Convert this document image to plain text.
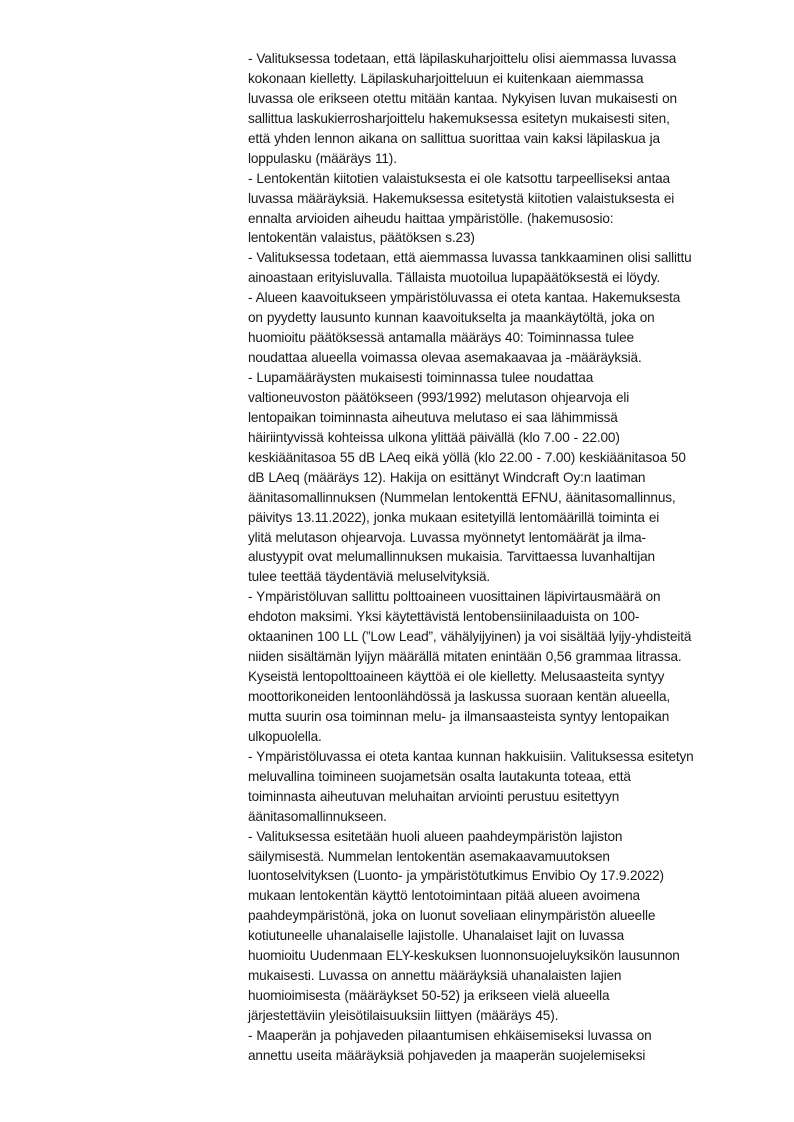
- Valituksessa todetaan, että läpilaskuharjoittelu olisi aiemmassa luvassa
kokonaan kielletty. Läpilaskuharjoitteluun ei kuitenkaan aiemmassa
luvassa ole erikseen otettu mitään kantaa. Nykyisen luvan mukaisesti on
sallittua laskukierrosharjoittelu hakemuksessa esitetyn mukaisesti siten,
että yhden lennon aikana on sallittua suorittaa vain kaksi läpilaskua ja
loppulasku (määräys 11).
- Lentokentän kiitotien valaistuksesta ei ole katsottu tarpeelliseksi antaa
luvassa määräyksiä. Hakemuksessa esitetystä kiitotien valaistuksesta ei
ennalta arvioiden aiheudu haittaa ympäristölle. (hakemusosio:
lentokentän valaistus, päätöksen s.23)
- Valituksessa todetaan, että aiemmassa luvassa tankkaaminen olisi sallittu
ainoastaan erityisluvalla. Tällaista muotoilua lupapäätöksestä ei löydy.
- Alueen kaavoitukseen ympäristöluvassa ei oteta kantaa. Hakemuksesta
on pyydetty lausunto kunnan kaavoitukselta ja maankäytöltä, joka on
huomioitu päätöksessä antamalla määräys 40: Toiminnassa tulee
noudattaa alueella voimassa olevaa asemakaavaa ja -määräyksiä.
- Lupamääräysten mukaisesti toiminnassa tulee noudattaa
valtioneuvoston päätökseen (993/1992) melutason ohjearvoja eli
lentopaikan toiminnasta aiheutuva melutaso ei saa lähimmissä
häiriintyvissä kohteissa ulkona ylittää päivällä (klo 7.00 - 22.00)
keskiäänitasoa 55 dB LAeq eikä yöllä (klo 22.00 - 7.00) keskiäänitasoa 50
dB LAeq (määräys 12). Hakija on esittänyt Windcraft Oy:n laatiman
äänitasomallinnuksen (Nummelan lentokenttä EFNU, äänitasomallinnus,
päivitys 13.11.2022), jonka mukaan esitetyillä lentomäärillä toiminta ei
ylitä melutason ohjearvoja. Luvassa myönnetyt lentomäärät ja ilma-
alustyypit ovat melumallinnuksen mukaisia. Tarvittaessa luvanhaltijan
tulee teettää täydentäviä meluselvityksiä.
- Ympäristöluvan sallittu polttoaineen vuosittainen läpivirtausmäärä on
ehdoton maksimi. Yksi käytettävistä lentobensiinilaaduista on 100-
oktaaninen 100 LL (”Low Lead”, vähälyijyinen) ja voi sisältää lyijy-yhdisteitä
niiden sisältämän lyijyn määrällä mitaten enintään 0,56 grammaa litrassa.
Kyseistä lentopolttoaineen käyttöä ei ole kielletty. Melusaasteita syntyy
moottorikoneiden lentoonlähdössä ja laskussa suoraan kentän alueella,
mutta suurin osa toiminnan melu- ja ilmansaasteista syntyy lentopaikan
ulkopuolella.
- Ympäristöluvassa ei oteta kantaa kunnan hakkuisiin. Valituksessa esitetyn
meluvallina toimineen suojametsän osalta lautakunta toteaa, että
toiminnasta aiheutuvan meluhaitan arviointi perustuu esitettyyn
äänitasomallinnukseen.
- Valituksessa esitetään huoli alueen paahdeympäristön lajiston
säilymisestä. Nummelan lentokentän asemakaavamuutoksen
luontoselvityksen (Luonto- ja ympäristötutkimus Envibio Oy 17.9.2022)
mukaan lentokentän käyttö lentotoimintaan pitää alueen avoimena
paahdeympäristönä, joka on luonut soveliaan elinympäristön alueelle
kotiutuneelle uhanalaiselle lajistolle. Uhanalaiset lajit on luvassa
huomioitu Uudenmaan ELY-keskuksen luonnonsuojeluyksikön lausunnon
mukaisesti. Luvassa on annettu määräyksiä uhanalaisten lajien
huomioimisesta (määräykset 50-52) ja erikseen vielä alueella
järjestettäviin yleisötilaisuuksiin liittyen (määräys 45).
- Maaperän ja pohjaveden pilaantumisen ehkäisemiseksi luvassa on
annettu useita määräyksiä pohjaveden ja maaperän suojelemiseksi
